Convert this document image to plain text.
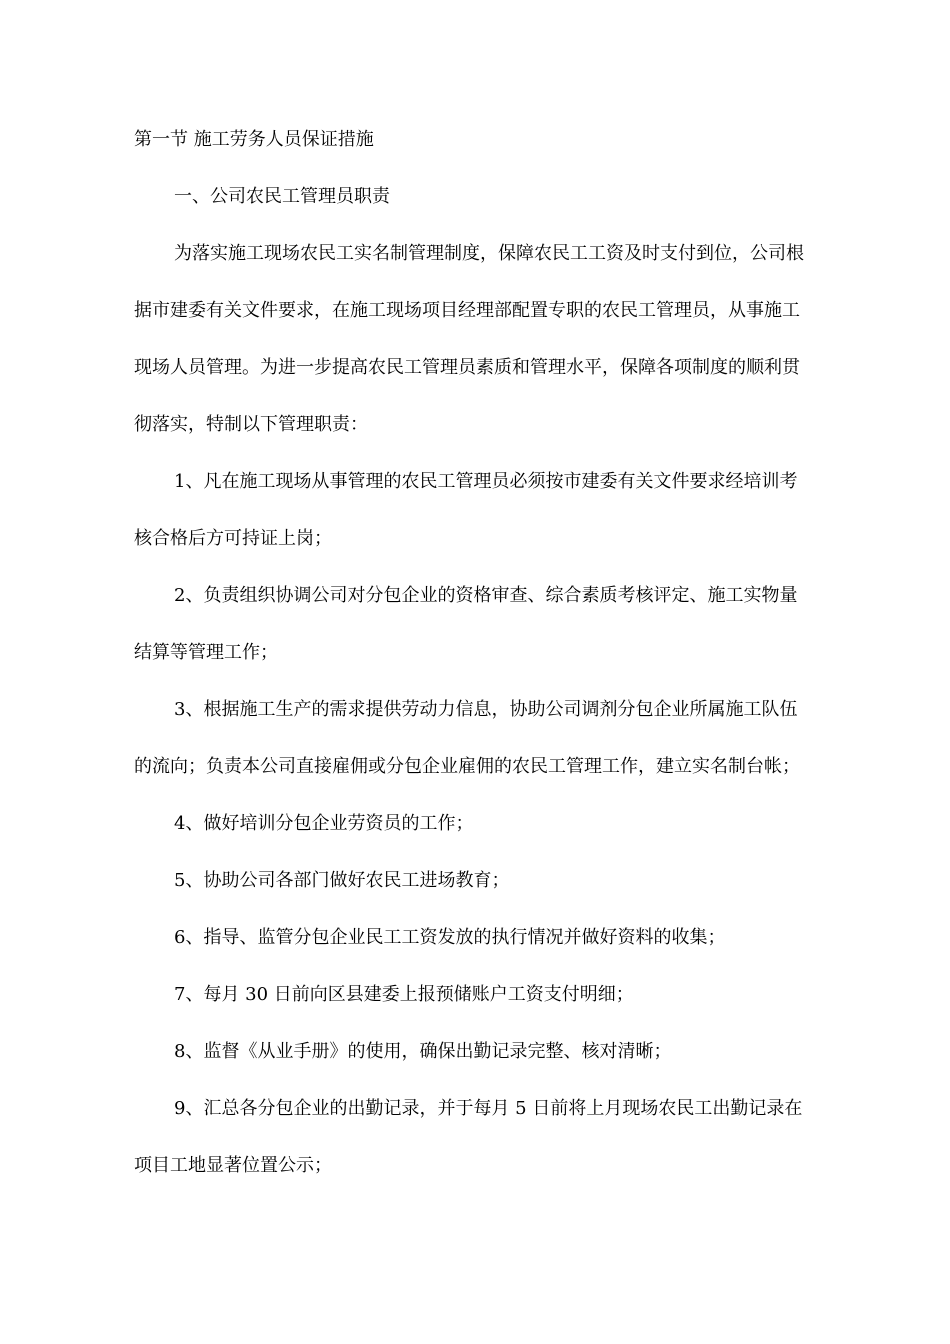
第一节 施工劳务人员保证措施
一、公司农民工管理员职责
为落实施工现场农民工实名制管理制度，保障农民工工资及时支付到位，公司根
据市建委有关文件要求，在施工现场项目经理部配置专职的农民工管理员，从事施工
现场人员管理。为进一步提高农民工管理员素质和管理水平，保障各项制度的顺利贯
彻落实，特制以下管理职责：
1、凡在施工现场从事管理的农民工管理员必须按市建委有关文件要求经培训考
核合格后方可持证上岗；
2、负责组织协调公司对分包企业的资格审查、综合素质考核评定、施工实物量
结算等管理工作；
3、根据施工生产的需求提供劳动力信息，协助公司调剂分包企业所属施工队伍
的流向；负责本公司直接雇佣或分包企业雇佣的农民工管理工作，建立实名制台帐；
4、做好培训分包企业劳资员的工作；
5、协助公司各部门做好农民工进场教育；
6、指导、监管分包企业民工工资发放的执行情况并做好资料的收集；
7、每月 30 日前向区县建委上报预储账户工资支付明细；
8、监督《从业手册》的使用，确保出勤记录完整、核对清晰；
9、汇总各分包企业的出勤记录，并于每月 5 日前将上月现场农民工出勤记录在
项目工地显著位置公示；
